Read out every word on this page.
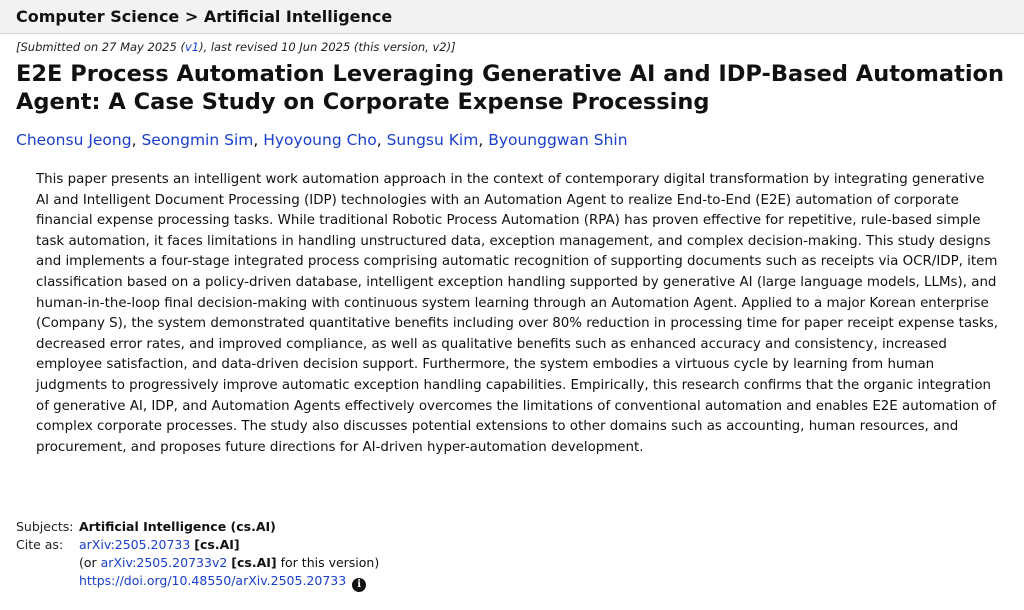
Computer Science > Artificial Intelligence
[Submitted on 27 May 2025 (v1), last revised 10 Jun 2025 (this version, v2)]
E2E Process Automation Leveraging Generative AI and IDP-Based Automation Agent: A Case Study on Corporate Expense Processing
Cheonsu Jeong, Seongmin Sim, Hyoyoung Cho, Sungsu Kim, Byounggwan Shin

This paper presents an intelligent work automation approach in the context of contemporary digital transformation by integrating generative AI and Intelligent Document Processing (IDP) technologies with an Automation Agent to realize End-to-End (E2E) automation of corporate financial expense processing tasks. While traditional Robotic Process Automation (RPA) has proven effective for repetitive, rule-based simple task automation, it faces limitations in handling unstructured data, exception management, and complex decision-making. This study designs and implements a four-stage integrated process comprising automatic recognition of supporting documents such as receipts via OCR/IDP, item classification based on a policy-driven database, intelligent exception handling supported by generative AI (large language models, LLMs), and human-in-the-loop final decision-making with continuous system learning through an Automation Agent. Applied to a major Korean enterprise (Company S), the system demonstrated quantitative benefits including over 80% reduction in processing time for paper receipt expense tasks, decreased error rates, and improved compliance, as well as qualitative benefits such as enhanced accuracy and consistency, increased employee satisfaction, and data-driven decision support. Furthermore, the system embodies a virtuous cycle by learning from human judgments to progressively improve automatic exception handling capabilities. Empirically, this research confirms that the organic integration of generative AI, IDP, and Automation Agents effectively overcomes the limitations of conventional automation and enables E2E automation of complex corporate processes. The study also discusses potential extensions to other domains such as accounting, human resources, and procurement, and proposes future directions for AI-driven hyper-automation development.

Subjects: Artificial Intelligence (cs.AI)
Cite as:	arXiv:2505.20733 [cs.AI]
(or arXiv:2505.20733v2 [cs.AI] for this version)
https://doi.org/10.48550/arXiv.2505.20733 i
